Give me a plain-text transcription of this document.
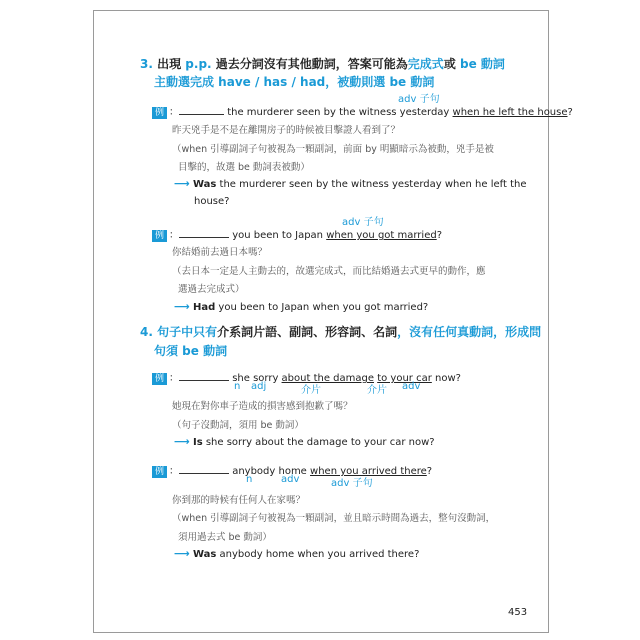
3. 出現 p.p. 過去分詞沒有其他動詞，答案可能為完成式或 be 動詞
主動選完成 have / has / had，被動則選 be 動詞
adv 子句
例 ：	the murderer seen by the witness yesterday when he left the house?
昨天兇手是不是在離開房子的時候被目擊證人看到了？
（when 引導副詞子句被視為一顆副詞，前面 by 明顯暗示為被動，兇手是被
目擊的，故選 be 動詞表被動）
⟶ Was the murderer seen by the witness yesterday when he left the
house?
adv 子句
例 ：	you been to Japan when you got married?
你結婚前去過日本嗎？
（去日本一定是人主動去的，故選完成式，而比結婚過去式更早的動作，應
選過去完成式）
⟶ Had you been to Japan when you got married?
4. 句子中只有介系詞片語、副詞、形容詞、名詞，沒有任何真動詞，形成問
句須 be 動詞
例 ：	she sorry about the damage to your car now?
n adj	介片	介片 adv
她現在對你車子造成的損害感到抱歉了嗎？
（句子沒動詞，須用 be 動詞）
⟶ Is she sorry about the damage to your car now?
例 ：	anybody home when you arrived there?
n	adv	adv 子句
你到那的時候有任何人在家嗎？
（when 引導副詞子句被視為一顆副詞，並且暗示時間為過去，整句沒動詞，
須用過去式 be 動詞）
⟶ Was anybody home when you arrived there?
453
